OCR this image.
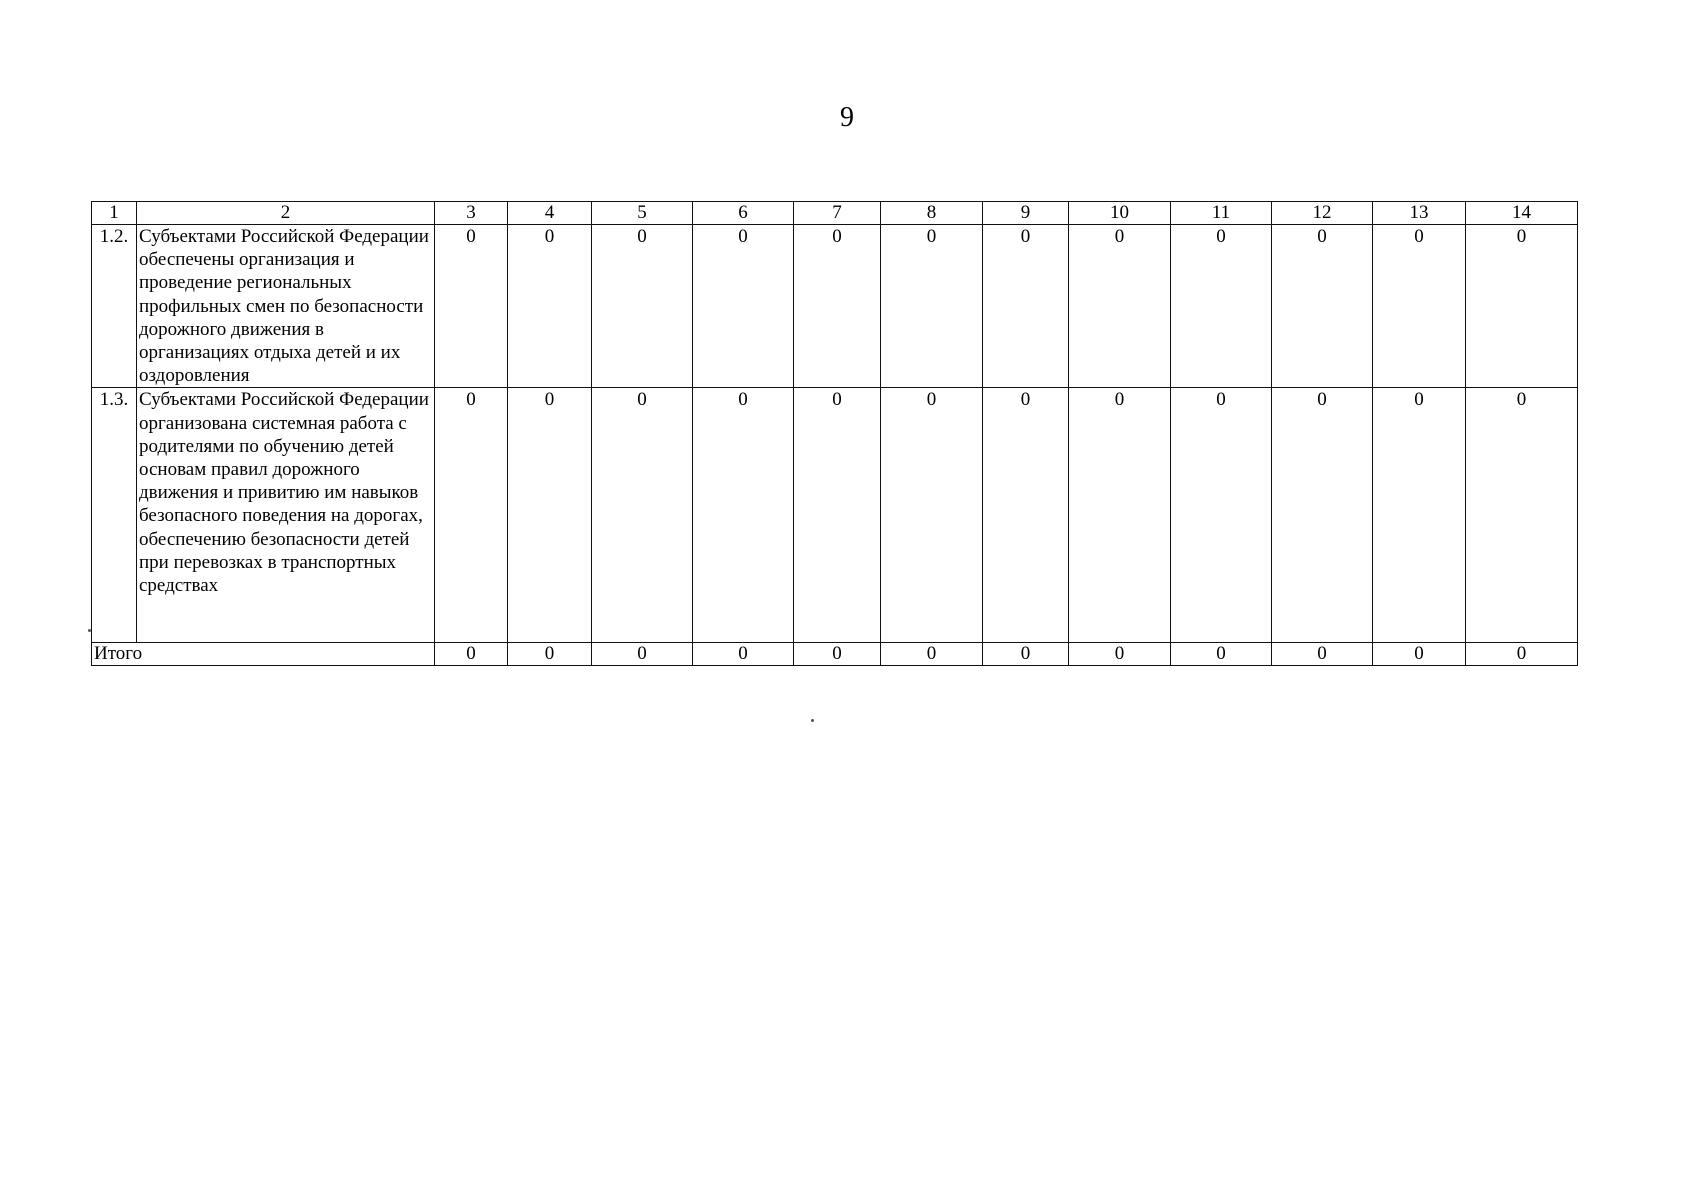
9
1	2	3	4	5	6	7	8	9	10	11	12	13	14
1.2.	Субъектами Российской Федерации обеспечены организация и проведение региональных профильных смен по безопасности дорожного движения в организациях отдыха детей и их оздоровления	0	0	0	0	0	0	0	0	0	0	0	0
1.3.	Субъектами Российской Федерации организована системная работа с родителями по обучению детей основам правил дорожного движения и привитию им навыков безопасного поведения на дорогах, обеспечению безопасности детей при перевозках в транспортных средствах	0	0	0	0	0	0	0	0	0	0	0	0
Итого		0	0	0	0	0	0	0	0	0	0	0	0
